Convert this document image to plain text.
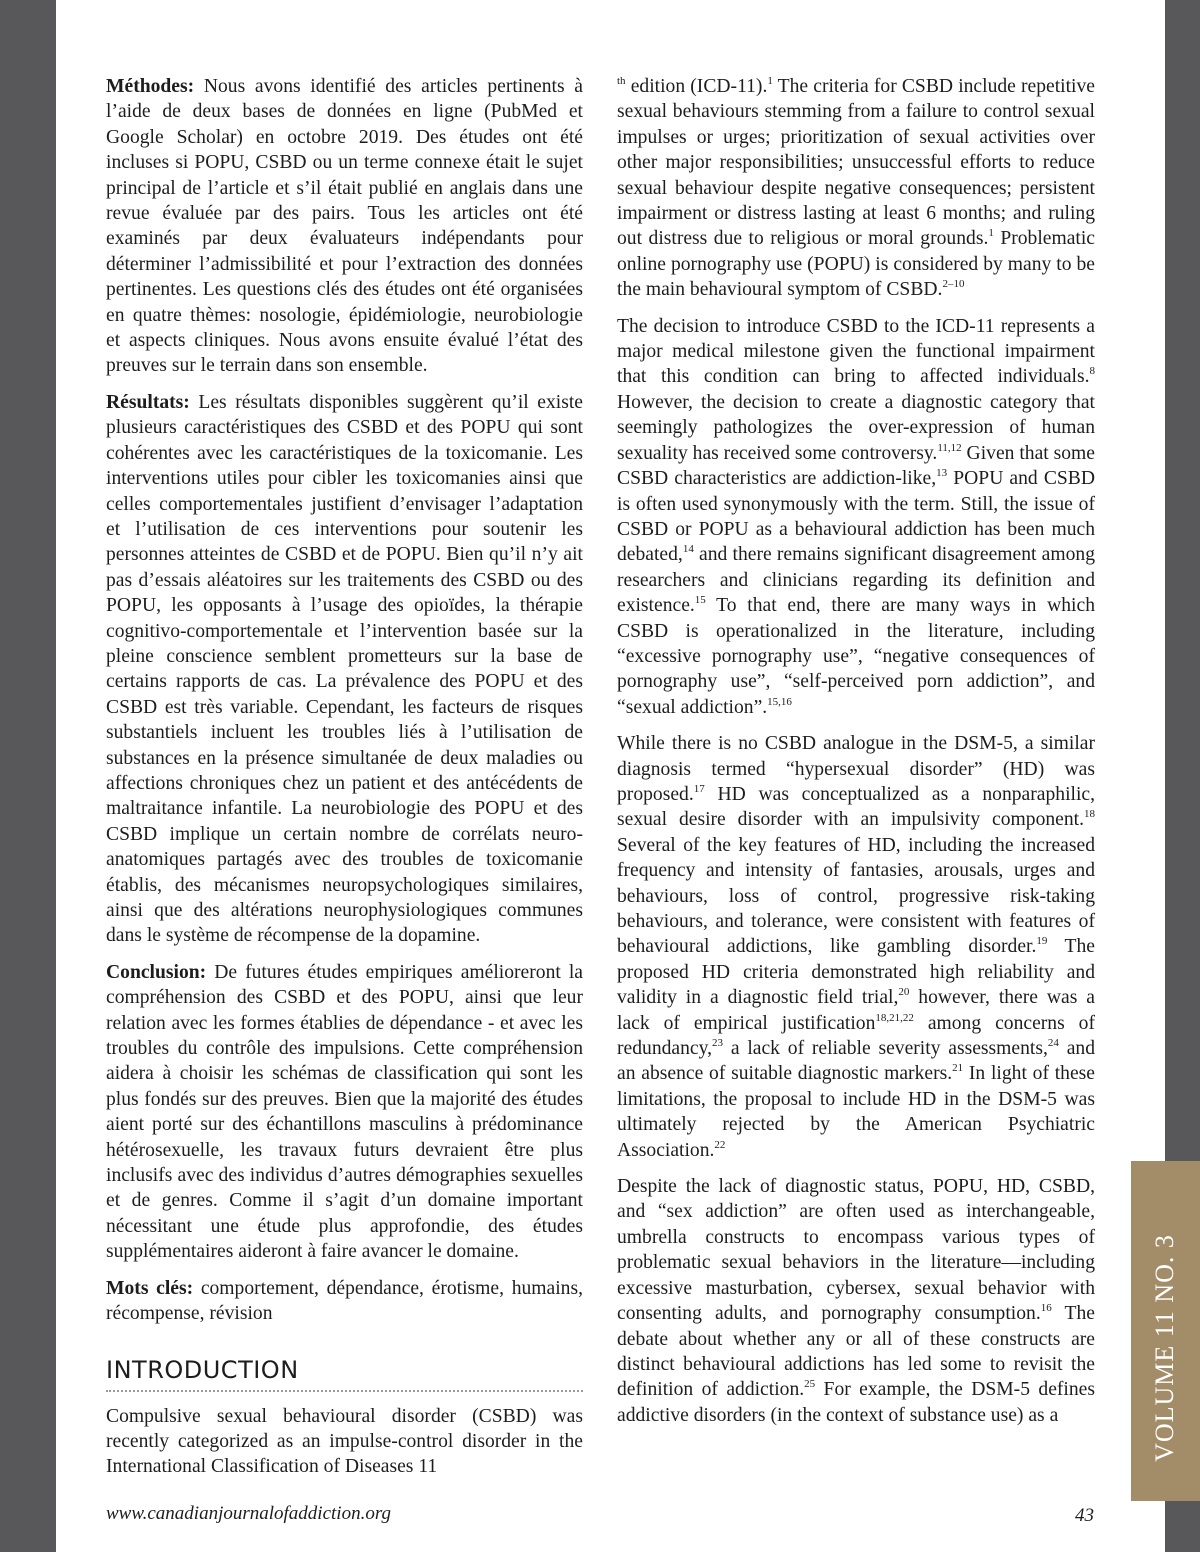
Méthodes: Nous avons identifié des articles pertinents à l’aide de deux bases de données en ligne (PubMed et Google Scholar) en octobre 2019. Des études ont été incluses si POPU, CSBD ou un terme connexe était le sujet principal de l’article et s’il était publié en anglais dans une revue évaluée par des pairs. Tous les articles ont été examinés par deux évaluateurs indépendants pour déterminer l’admissibilité et pour l’extraction des données pertinentes. Les questions clés des études ont été organisées en quatre thèmes: nosologie, épidémiologie, neurobiologie et aspects cliniques. Nous avons ensuite évalué l’état des preuves sur le terrain dans son ensemble.

Résultats: Les résultats disponibles suggèrent qu’il existe plusieurs caractéristiques des CSBD et des POPU qui sont cohérentes avec les caractéristiques de la toxicomanie. Les interventions utiles pour cibler les toxicomanies ainsi que celles comportementales justifient d’envisager l’adaptation et l’utilisation de ces interventions pour soutenir les personnes atteintes de CSBD et de POPU. Bien qu’il n’y ait pas d’essais aléatoires sur les traitements des CSBD ou des POPU, les opposants à l’usage des opioïdes, la thérapie cognitivo-comportementale et l’intervention basée sur la pleine conscience semblent prometteurs sur la base de certains rapports de cas. La prévalence des POPU et des CSBD est très variable. Cependant, les facteurs de risques substantiels incluent les troubles liés à l’utilisation de substances en la présence simultanée de deux maladies ou affections chroniques chez un patient et des antécédents de maltraitance infantile. La neurobiologie des POPU et des CSBD implique un certain nombre de corrélats neuroanatomiques partagés avec des troubles de toxicomanie établis, des mécanismes neuropsychologiques similaires, ainsi que des altérations neurophysiologiques communes dans le système de récompense de la dopamine.

Conclusion: De futures études empiriques amélioreront la compréhension des CSBD et des POPU, ainsi que leur relation avec les formes établies de dépendance - et avec les troubles du contrôle des impulsions. Cette compréhension aidera à choisir les schémas de classification qui sont les plus fondés sur des preuves. Bien que la majorité des études aient porté sur des échantillons masculins à prédominance hétérosexuelle, les travaux futurs devraient être plus inclusifs avec des individus d’autres démographies sexuelles et de genres. Comme il s’agit d’un domaine important nécessitant une étude plus approfondie, des études supplémentaires aideront à faire avancer le domaine.

Mots clés: comportement, dépendance, érotisme, humains, récompense, révision

INTRODUCTION

Compulsive sexual behavioural disorder (CSBD) was recently categorized as an impulse-control disorder in the International Classification of Diseases 11

$^{th}$ edition (ICD-11).$^1$ The criteria for CSBD include repetitive sexual behaviours stemming from a failure to control sexual impulses or urges; prioritization of sexual activities over other major responsibilities; unsuccessful efforts to reduce sexual behaviour despite negative consequences; persistent impairment or distress lasting at least 6 months; and ruling out distress due to religious or moral grounds.$^1$ Problematic online pornography use (POPU) is considered by many to be the main behavioural symptom of CSBD.$^{2-10}$

The decision to introduce CSBD to the ICD-11 represents a major medical milestone given the functional impairment that this condition can bring to affected individuals.$^8$ However, the decision to create a diagnostic category that seemingly pathologizes the over-expression of human sexuality has received some controversy.$^{11,12}$ Given that some CSBD characteristics are addiction-like,$^{13}$ POPU and CSBD is often used synonymously with the term. Still, the issue of CSBD or POPU as a behavioural addiction has been much debated,$^{14}$ and there remains significant disagreement among researchers and clinicians regarding its definition and existence.$^{15}$ To that end, there are many ways in which CSBD is operationalized in the literature, including “excessive pornography use”, “negative consequences of pornography use”, “self-perceived porn addiction”, and “sexual addiction”.$^{15,16}$

While there is no CSBD analogue in the DSM-5, a similar diagnosis termed “hypersexual disorder” (HD) was proposed.$^{17}$ HD was conceptualized as a nonparaphilic, sexual desire disorder with an impulsivity component.$^{18}$ Several of the key features of HD, including the increased frequency and intensity of fantasies, arousals, urges and behaviours, loss of control, progressive risk-taking behaviours, and tolerance, were consistent with features of behavioural addictions, like gambling disorder.$^{19}$ The proposed HD criteria demonstrated high reliability and validity in a diagnostic field trial,$^{20}$ however, there was a lack of empirical justification$^{18,21,22}$ among concerns of redundancy,$^{23}$ a lack of reliable severity assessments,$^{24}$ and an absence of suitable diagnostic markers.$^{21}$ In light of these limitations, the proposal to include HD in the DSM-5 was ultimately rejected by the American Psychiatric Association.$^{22}$

Despite the lack of diagnostic status, POPU, HD, CSBD, and “sex addiction” are often used as interchangeable, umbrella constructs to encompass various types of problematic sexual behaviors in the literature—including excessive masturbation, cybersex, sexual behavior with consenting adults, and pornography consumption.$^{16}$ The debate about whether any or all of these constructs are distinct behavioural addictions has led some to revisit the definition of addiction.$^{25}$ For example, the DSM-5 defines addictive disorders (in the context of substance use) as a

www.canadianjournalofaddiction.org	43
VOLUME 11 NO. 3
